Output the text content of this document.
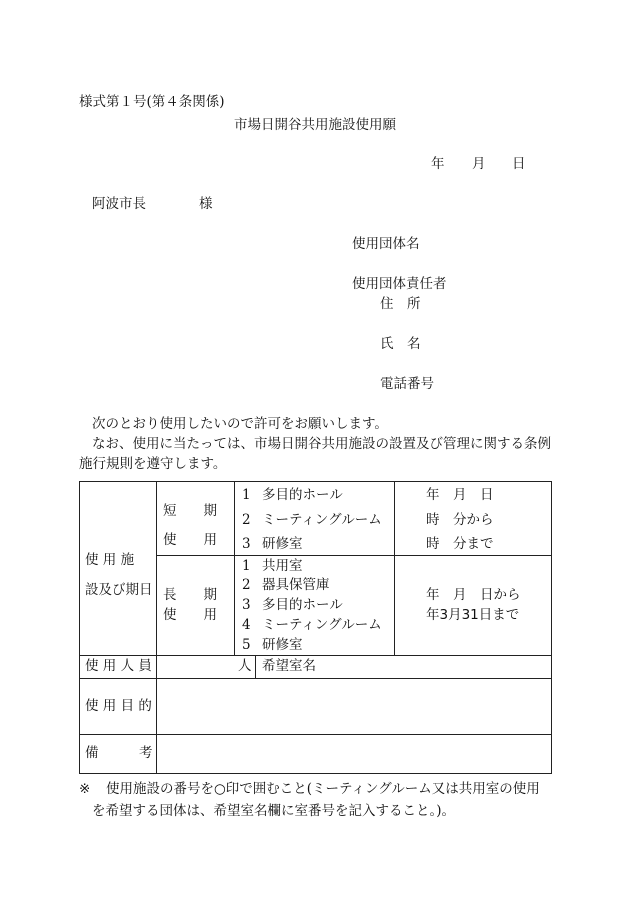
様式第１号(第４条関係)
市場日開谷共用施設使用願
年 月 日
阿波市長	様
使用団体名
使用団体責任者
住　所
氏　名
電話番号
次のとおり使用したいので許可をお願いします。
なお、使用に当たっては、市場日開谷共用施設の設置及び管理に関する条例
施行規則を遵守します。
使 用 施
設及び期日
短　　期
使　　用
1 多目的ホール
2 ミーティングルーム
3 研修室
年　月　日
時　分から
時　分まで
長　　期
使　　用
1 共用室
2 器具保管庫
3 多目的ホール
4 ミーティングルーム
5 研修室
年　月　日から
年3月31日まで
使 用 人 員	人 希望室名
使 用 目 的
備　　　考
※ 使用施設の番号を○印で囲むこと(ミーティングルーム又は共用室の使用
を希望する団体は、希望室名欄に室番号を記入すること。)。
